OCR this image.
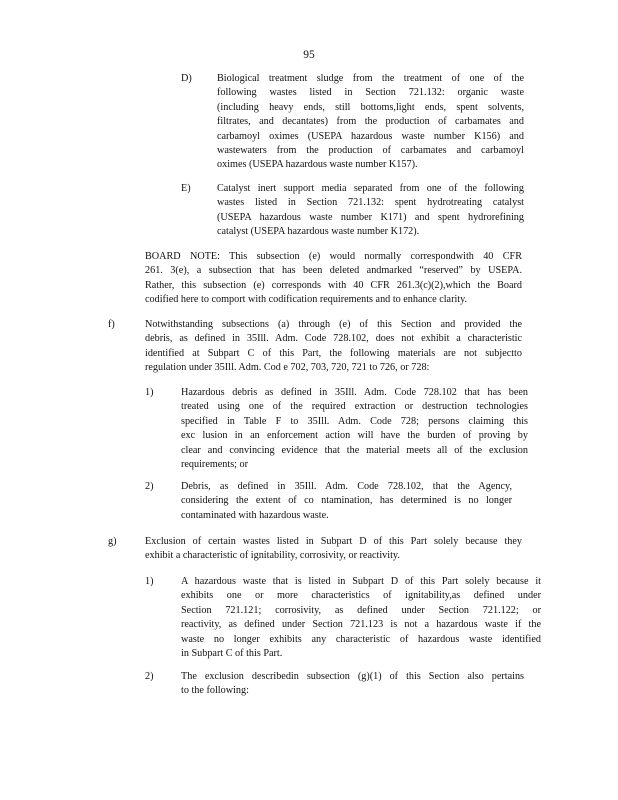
95
D) Biological treatment sludge from the treatment of one of the
following wastes listed in Section 721.132: organic waste
(including heavy ends, still bottoms,light ends, spent solvents,
filtrates, and decantates) from the production of carbamates and
carbamoyl oximes (USEPA hazardous waste number K156) and
wastewaters from the production of carbamates and carbamoyl
oximes (USEPA hazardous waste number K157).
E)	Catalyst inert support media separated from one of the following
wastes listed in Section 721.132: spent hydrotreating catalyst
(USEPA hazardous waste number K171) and spent hydrorefining
catalyst (USEPA hazardous waste number K172).
BOARD NOTE: This subsection (e) would normally correspondwith 40 CFR
261. 3(e), a subsection that has been deleted andmarked “reserved” by USEPA.
Rather, this subsection (e) corresponds with 40 CFR 261.3(c)(2),which the Board
codified here to comport with codification requirements and to enhance clarity.
f)	Notwithstanding subsections (a) through (e) of this Section and provided the
debris, as defined in 35Ill. Adm. Code 728.102, does not exhibit a characteristic
identified at Subpart C of this Part, the following materials are not subjectto
regulation under 35Ill. Adm. Cod e 702, 703, 720, 721 to 726, or 728:
1)	Hazardous debris as defined in 35Ill. Adm. Code 728.102 that has been
treated using one of the required extraction or destruction technologies
specified in Table F to 35Ill. Adm. Code 728; persons claiming this
exc lusion in an enforcement action will have the burden of proving by
clear and convincing evidence that the material meets all of the exclusion
requirements; or
2)	Debris, as defined in 35Ill. Adm. Code 728.102, that the Agency,
considering the extent of co ntamination, has determined is no longer
contaminated with hazardous waste.
g)	Exclusion of certain wastes listed in Subpart D of this Part solely because they
exhibit a characteristic of ignitability, corrosivity, or reactivity.
1)	A hazardous waste that is listed in Subpart D of this Part solely because it
exhibits one or more characteristics of ignitability,as defined under
Section 721.121; corrosivity, as defined under Section 721.122; or
reactivity, as defined under Section 721.123 is not a hazardous waste if the
waste no longer exhibits any characteristic of hazardous waste identified
in Subpart C of this Part.
2)	The exclusion describedin subsection (g)(1) of this Section also pertains
to the following:
